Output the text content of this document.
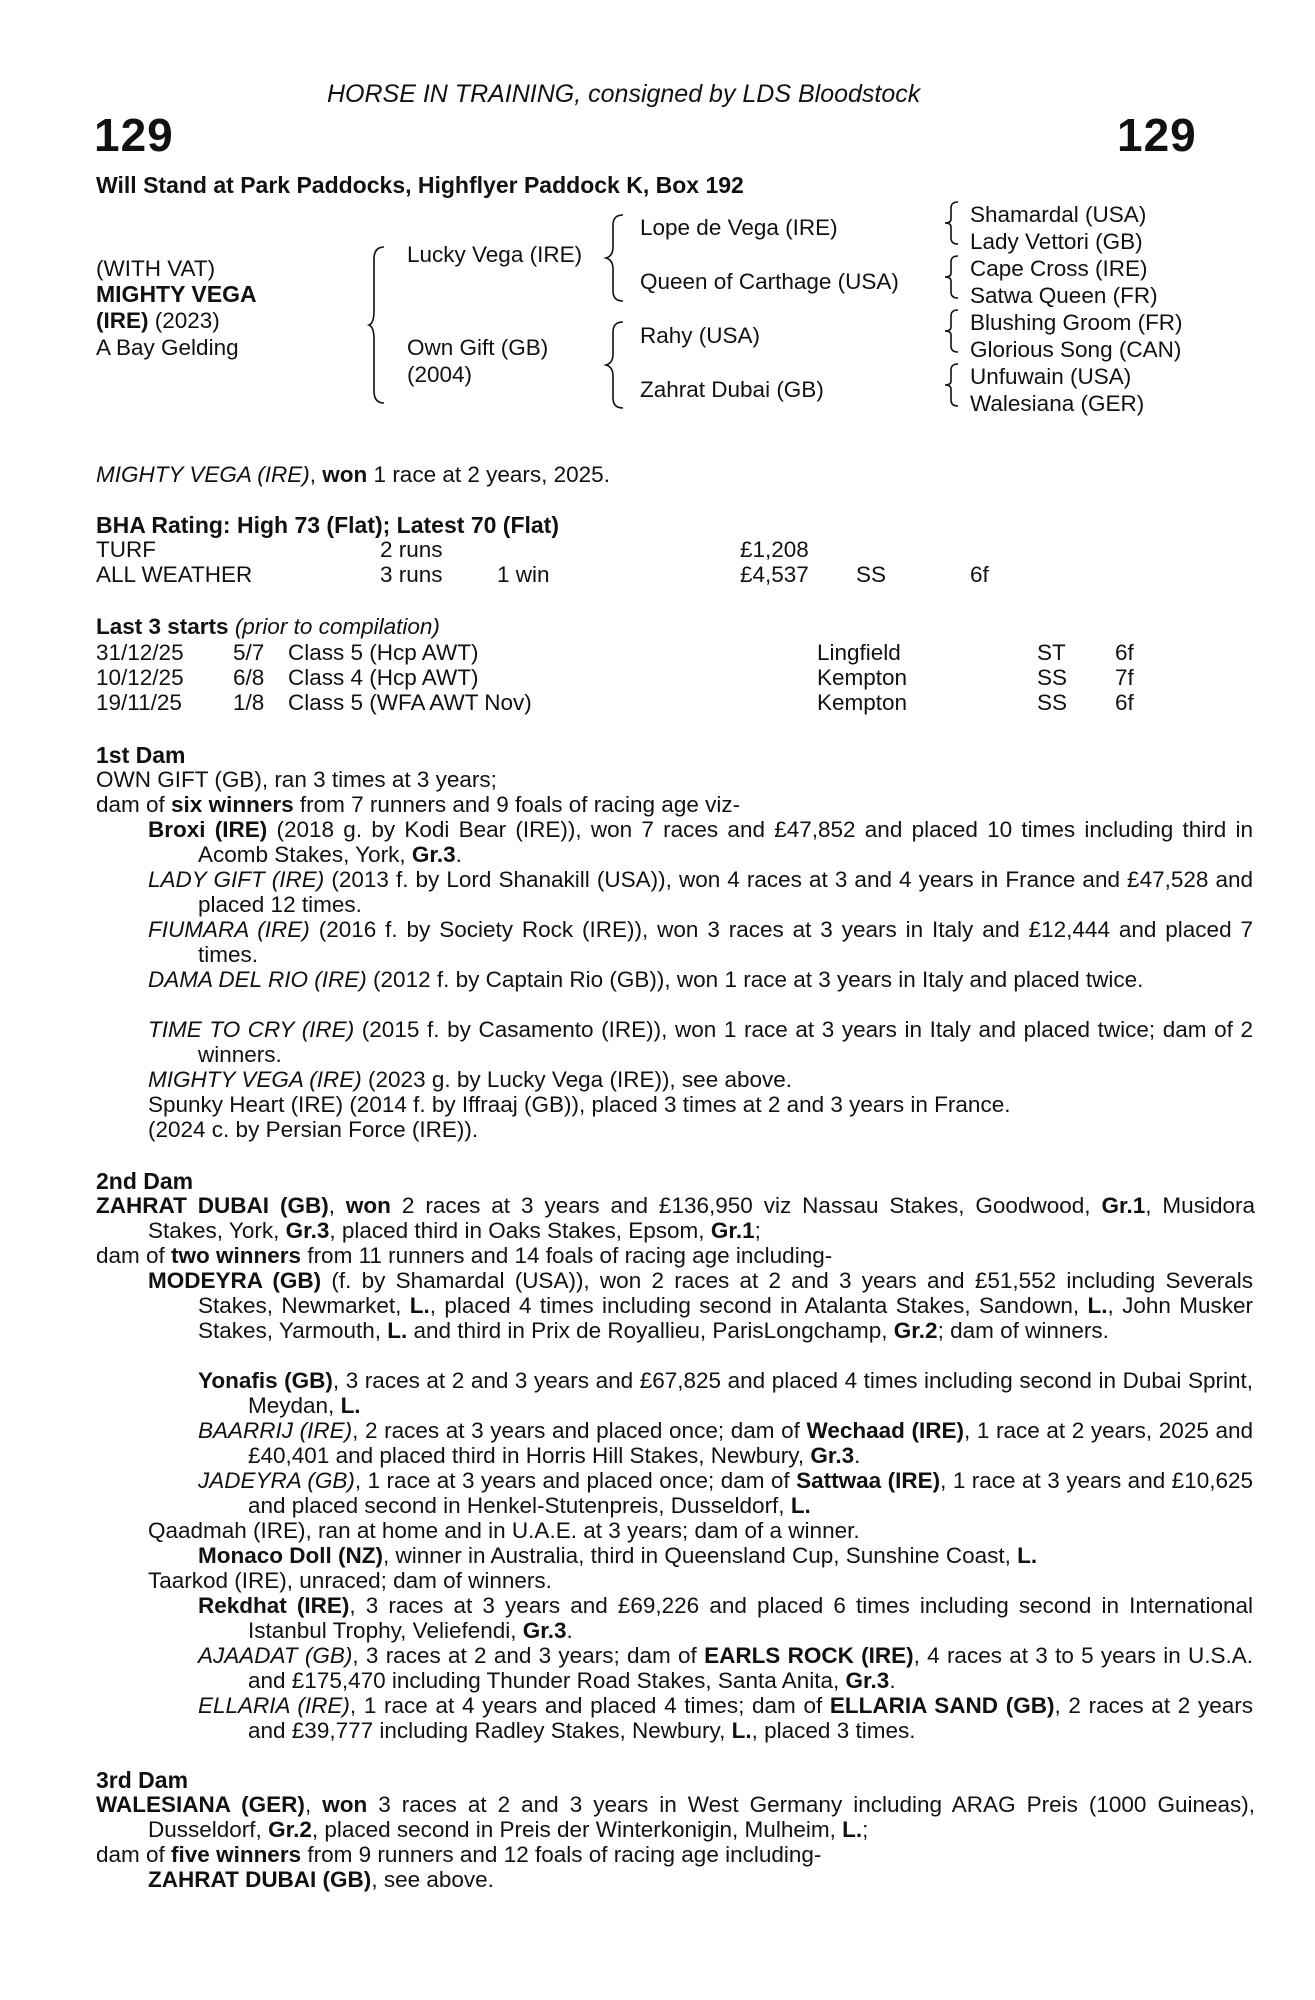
HORSE IN TRAINING, consigned by LDS Bloodstock
129	129
Will Stand at Park Paddocks, Highflyer Paddock K, Box 192
(WITH VAT)
MIGHTY VEGA
(IRE) (2023)
A Bay Gelding
Lucky Vega (IRE)
Own Gift (GB)
(2004)
Lope de Vega (IRE)
Queen of Carthage (USA)
Rahy (USA)
Zahrat Dubai (GB)
Shamardal (USA)
Lady Vettori (GB)
Cape Cross (IRE)
Satwa Queen (FR)
Blushing Groom (FR)
Glorious Song (CAN)
Unfuwain (USA)
Walesiana (GER)
MIGHTY VEGA (IRE), won 1 race at 2 years, 2025.
BHA Rating: High 73 (Flat); Latest 70 (Flat)
TURF	2 runs	£1,208
ALL WEATHER	3 runs 1 win	£4,537 SS	6f
Last 3 starts (prior to compilation)
31/12/25 5/7 Class 5 (Hcp AWT)	Lingfield	ST 6f
10/12/25 6/8 Class 4 (Hcp AWT)	Kempton	SS 7f
19/11/25 1/8 Class 5 (WFA AWT Nov)	Kempton	SS 6f
1st Dam
OWN GIFT (GB), ran 3 times at 3 years;
dam of six winners from 7 runners and 9 foals of racing age viz-
Broxi (IRE) (2018 g. by Kodi Bear (IRE)), won 7 races and £47,852 and placed 10 times including third in Acomb Stakes, York, Gr.3.
LADY GIFT (IRE) (2013 f. by Lord Shanakill (USA)), won 4 races at 3 and 4 years in France and £47,528 and placed 12 times.
FIUMARA (IRE) (2016 f. by Society Rock (IRE)), won 3 races at 3 years in Italy and £12,444 and placed 7 times.
DAMA DEL RIO (IRE) (2012 f. by Captain Rio (GB)), won 1 race at 3 years in Italy and placed twice.
TIME TO CRY (IRE) (2015 f. by Casamento (IRE)), won 1 race at 3 years in Italy and placed twice; dam of 2 winners.
MIGHTY VEGA (IRE) (2023 g. by Lucky Vega (IRE)), see above.
Spunky Heart (IRE) (2014 f. by Iffraaj (GB)), placed 3 times at 2 and 3 years in France.
(2024 c. by Persian Force (IRE)).
2nd Dam
ZAHRAT DUBAI (GB), won 2 races at 3 years and £136,950 viz Nassau Stakes, Goodwood, Gr.1, Musidora Stakes, York, Gr.3, placed third in Oaks Stakes, Epsom, Gr.1;
dam of two winners from 11 runners and 14 foals of racing age including-
MODEYRA (GB) (f. by Shamardal (USA)), won 2 races at 2 and 3 years and £51,552 including Severals Stakes, Newmarket, L., placed 4 times including second in Atalanta Stakes, Sandown, L., John Musker Stakes, Yarmouth, L. and third in Prix de Royallieu, ParisLongchamp, Gr.2; dam of winners.
Yonafis (GB), 3 races at 2 and 3 years and £67,825 and placed 4 times including second in Dubai Sprint, Meydan, L.
BAARRIJ (IRE), 2 races at 3 years and placed once; dam of Wechaad (IRE), 1 race at 2 years, 2025 and £40,401 and placed third in Horris Hill Stakes, Newbury, Gr.3.
JADEYRA (GB), 1 race at 3 years and placed once; dam of Sattwaa (IRE), 1 race at 3 years and £10,625 and placed second in Henkel-Stutenpreis, Dusseldorf, L.
Qaadmah (IRE), ran at home and in U.A.E. at 3 years; dam of a winner.
Monaco Doll (NZ), winner in Australia, third in Queensland Cup, Sunshine Coast, L.
Taarkod (IRE), unraced; dam of winners.
Rekdhat (IRE), 3 races at 3 years and £69,226 and placed 6 times including second in International Istanbul Trophy, Veliefendi, Gr.3.
AJAADAT (GB), 3 races at 2 and 3 years; dam of EARLS ROCK (IRE), 4 races at 3 to 5 years in U.S.A. and £175,470 including Thunder Road Stakes, Santa Anita, Gr.3.
ELLARIA (IRE), 1 race at 4 years and placed 4 times; dam of ELLARIA SAND (GB), 2 races at 2 years and £39,777 including Radley Stakes, Newbury, L., placed 3 times.
3rd Dam
WALESIANA (GER), won 3 races at 2 and 3 years in West Germany including ARAG Preis (1000 Guineas), Dusseldorf, Gr.2, placed second in Preis der Winterkonigin, Mulheim, L.;
dam of five winners from 9 runners and 12 foals of racing age including-
ZAHRAT DUBAI (GB), see above.
